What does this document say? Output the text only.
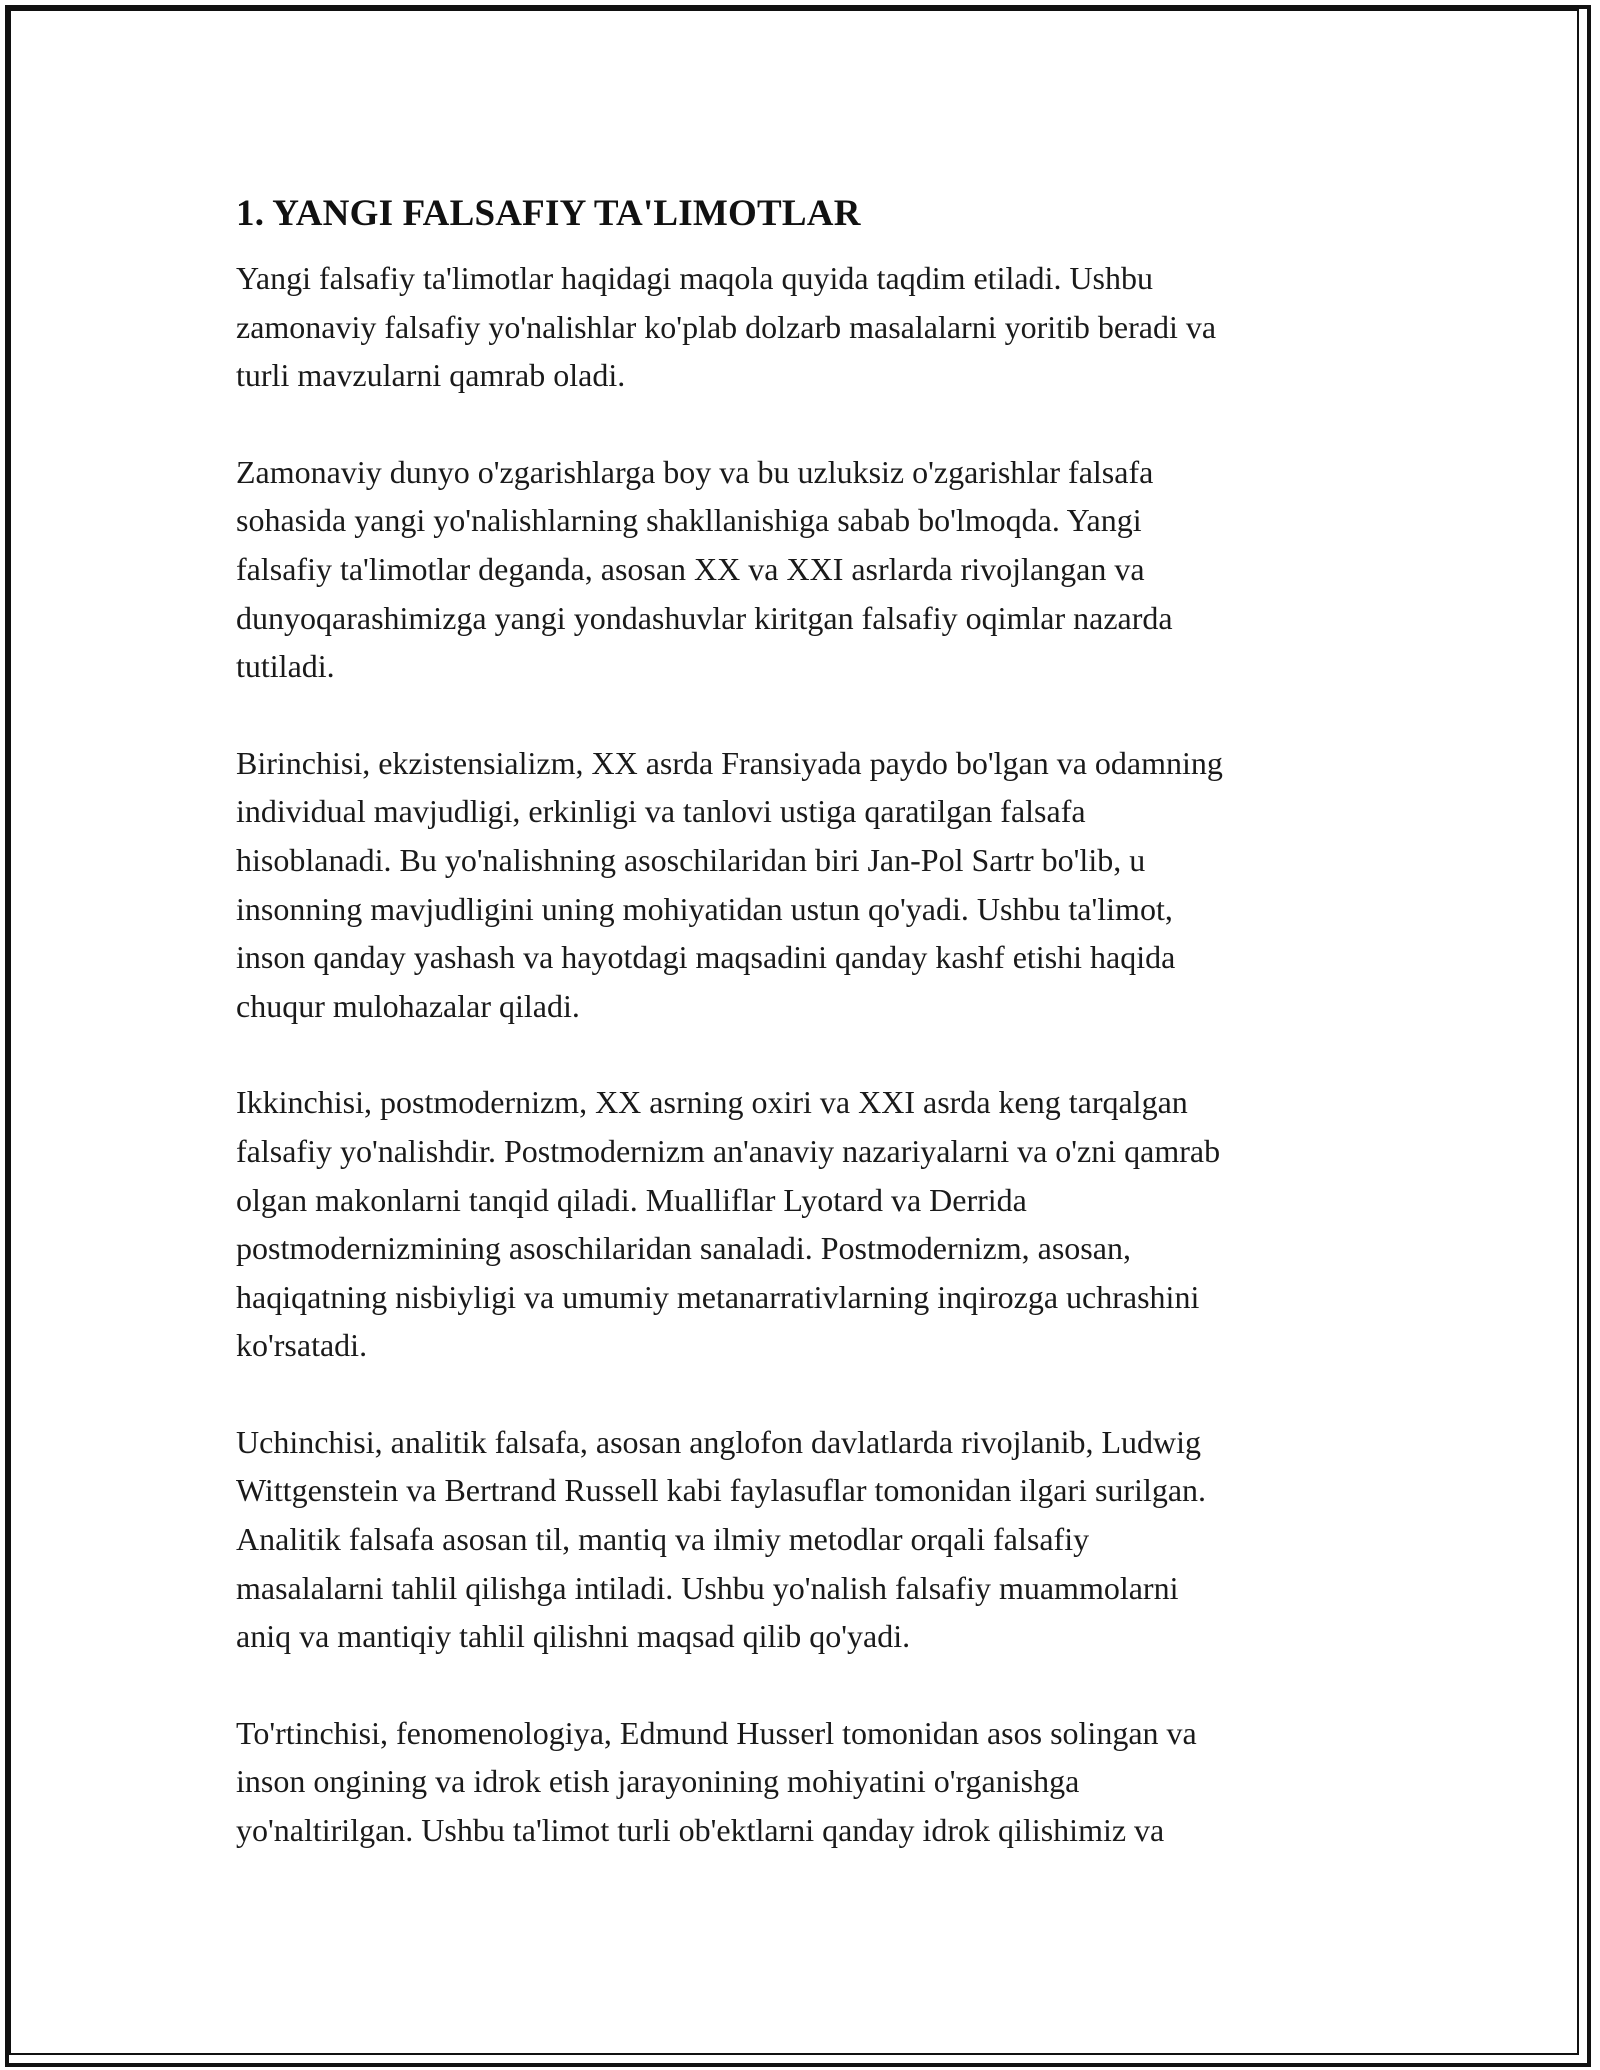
1. YANGI FALSAFIY TA'LIMOTLAR

Yangi falsafiy ta'limotlar haqidagi maqola quyida taqdim etiladi. Ushbu
zamonaviy falsafiy yo'nalishlar ko'plab dolzarb masalalarni yoritib beradi va
turli mavzularni qamrab oladi.

Zamonaviy dunyo o'zgarishlarga boy va bu uzluksiz o'zgarishlar falsafa
sohasida yangi yo'nalishlarning shakllanishiga sabab bo'lmoqda. Yangi
falsafiy ta'limotlar deganda, asosan XX va XXI asrlarda rivojlangan va
dunyoqarashimizga yangi yondashuvlar kiritgan falsafiy oqimlar nazarda
tutiladi.

Birinchisi, ekzistensializm, XX asrda Fransiyada paydo bo'lgan va odamning
individual mavjudligi, erkinligi va tanlovi ustiga qaratilgan falsafa
hisoblanadi. Bu yo'nalishning asoschilaridan biri Jan-Pol Sartr bo'lib, u
insonning mavjudligini uning mohiyatidan ustun qo'yadi. Ushbu ta'limot,
inson qanday yashash va hayotdagi maqsadini qanday kashf etishi haqida
chuqur mulohazalar qiladi.

Ikkinchisi, postmodernizm, XX asrning oxiri va XXI asrda keng tarqalgan
falsafiy yo'nalishdir. Postmodernizm an'anaviy nazariyalarni va o'zni qamrab
olgan makonlarni tanqid qiladi. Mualliflar Lyotard va Derrida
postmodernizmining asoschilaridan sanaladi. Postmodernizm, asosan,
haqiqatning nisbiyligi va umumiy metanarrativlarning inqirozga uchrashini
ko'rsatadi.

Uchinchisi, analitik falsafa, asosan anglofon davlatlarda rivojlanib, Ludwig
Wittgenstein va Bertrand Russell kabi faylasuflar tomonidan ilgari surilgan.
Analitik falsafa asosan til, mantiq va ilmiy metodlar orqali falsafiy
masalalarni tahlil qilishga intiladi. Ushbu yo'nalish falsafiy muammolarni
aniq va mantiqiy tahlil qilishni maqsad qilib qo'yadi.

To'rtinchisi, fenomenologiya, Edmund Husserl tomonidan asos solingan va
inson ongining va idrok etish jarayonining mohiyatini o'rganishga
yo'naltirilgan. Ushbu ta'limot turli ob'ektlarni qanday idrok qilishimiz va
